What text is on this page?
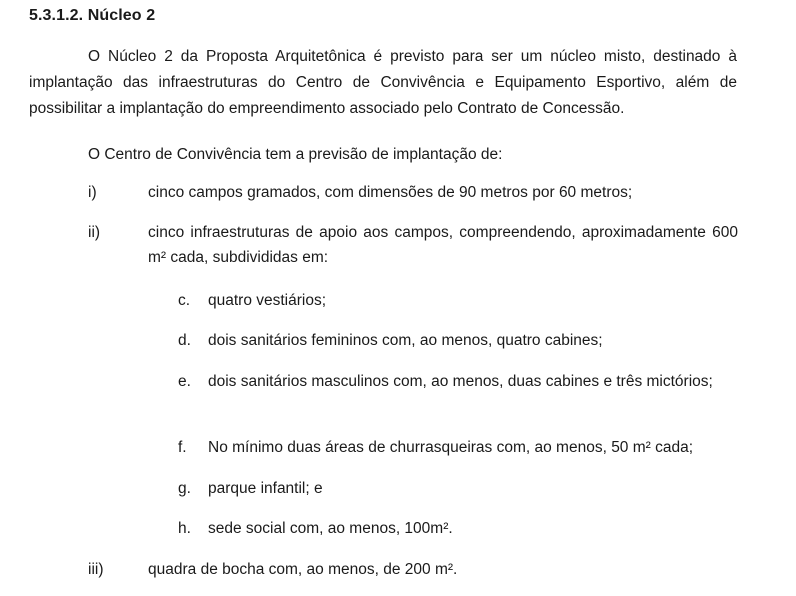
5.3.1.2. Núcleo 2
O Núcleo 2 da Proposta Arquitetônica é previsto para ser um núcleo misto, destinado à implantação das infraestruturas do Centro de Convivência e Equipamento Esportivo, além de possibilitar a implantação do empreendimento associado pelo Contrato de Concessão.
O Centro de Convivência tem a previsão de implantação de:
i)	cinco campos gramados, com dimensões de 90 metros por 60 metros;
ii)	cinco infraestruturas de apoio aos campos, compreendendo, aproximadamente 600 m² cada, subdivididas em:
c. quatro vestiários;
d. dois sanitários femininos com, ao menos, quatro cabines;
e. dois sanitários masculinos com, ao menos, duas cabines e três mictórios;
f. No mínimo duas áreas de churrasqueiras com, ao menos, 50 m² cada;
g. parque infantil; e
h. sede social com, ao menos, 100m².
iii)	quadra de bocha com, ao menos, de 200 m².
